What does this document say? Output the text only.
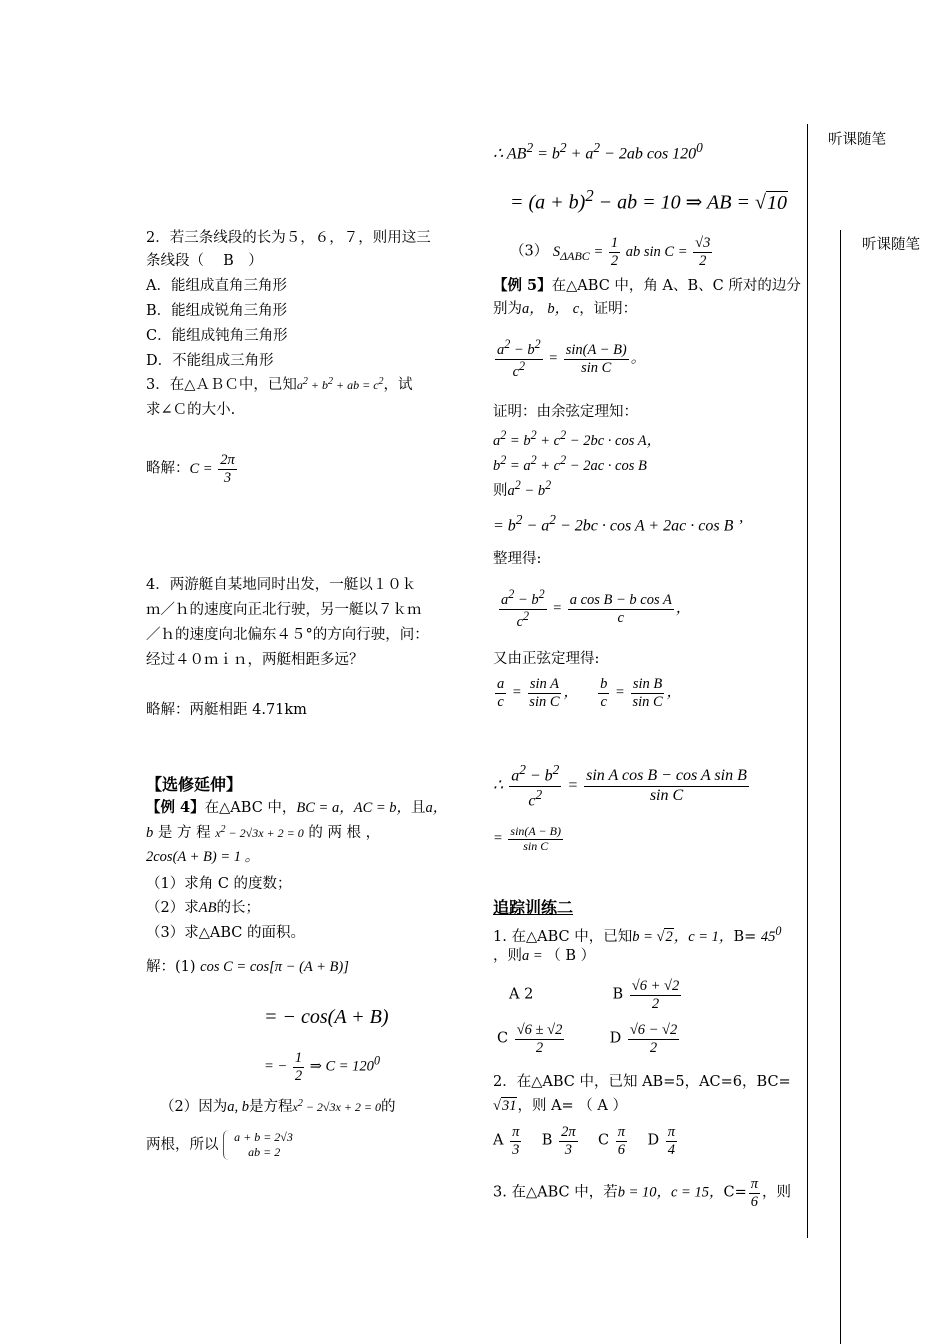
听课随笔
听课随笔
2．若三条线段的长为５，６，７，则用这三
条线段（　 B　）
A．能组成直角三角形
B．能组成锐角三角形
C．能组成钝角三角形
D．不能组成三角形
3．在△ＡＢＣ中，已知$a^2 + b^2$ + ab = $c^2$，试
求∠Ｃ的大小.
略解：$C = \frac{2\pi}{3}$
4．两游艇自某地同时出发，一艇以１０ｋ
ｍ／ｈ的速度向正北行驶，另一艇以７ｋｍ
／ｈ的速度向北偏东４５°的方向行驶，问：
经过４０ｍｉｎ，两艇相距多远？
略解：两艇相距 4.71km
【选修延伸】
【例 4】在△ABC 中，BC = a，AC = b，且a，
b 是 方 程 $x^2 - 2√3x + 2 = 0$ 的 两 根 ，
2cos(A + B) = 1 。
（1）求角 C 的度数；
（2）求AB的长；
（3）求△ABC 的面积。
解：(1) cos C = cos[π − (A + B)]
= − cos(A + B)
= − $\frac{1}{2}$ ⇒ $C = 120^0$
（2）因为a, b是方程$x^2 - 2√3x + 2 = 0$的
两根，所以 a + b = 2√3
ab = 2
∴ $AB^2 = b^2 + a^2 - 2ab$ $\cos 120^0$
= $(a + b)^2$ − ab = 10 ⇒ AB = √10
（3） $S_{\Delta ABC} = \frac{1}{2}$ ab $\sin C = \frac{√3}{2}$
【例 5】在△ABC 中，角 A、B、C 所对的边分
别为a， b， c，证明：
$\frac{a^2 - b^2}{c^2} = \frac{\sin(A - B)}{\text{sin C}}$ 。
证明：由余弦定理知：
$a^2 = b^2 + c^2 - 2bc \cdot \cos A$，
$b^2 = a^2 + c^2 - 2ac \cdot \cos B$
则$a^2 - b^2$
= $b^2 - a^2 - 2bc \cdot \cos A + 2ac \cdot \cos B$ ’
整理得:
$\frac{a^2 - b^2}{c^2} = \frac{\text{a cos B − b cos A}}{c}$ ，
又由正弦定理得:
$\frac{a}{c} = \frac{\text{sin A}}{\text{sin C}}$ ， $\frac{b}{c} = \frac{\text{sin B}}{\text{sin C}}$ ，
∴ $\frac{a^2 - b^2}{c^2} = \frac{\text{sin A cos B − cos A sin B}}{\text{sin C}}$
= $\frac{\sin(A - B)}{\text{sin C}}$
追踪训练二
1. 在△ABC 中，已知b = √2，c = 1，$B= 45^0$
，则a = （ B ）
A 2	B $\frac{√6 + √2}{2}$
C $\frac{√6 \pm √2}{2}$	D $\frac{√6 - √2}{2}$
2．在△ABC 中，已知 AB=5，AC=6，BC=
√31，则 A= （ A ）
A $\frac{\pi}{3}$ B $\frac{2\pi}{3}$ C $\frac{\pi}{6}$ D $\frac{\pi}{4}$
3. 在△ABC 中，若b = 10，c = 15，$C= \frac{\pi}{6}$ ，则
